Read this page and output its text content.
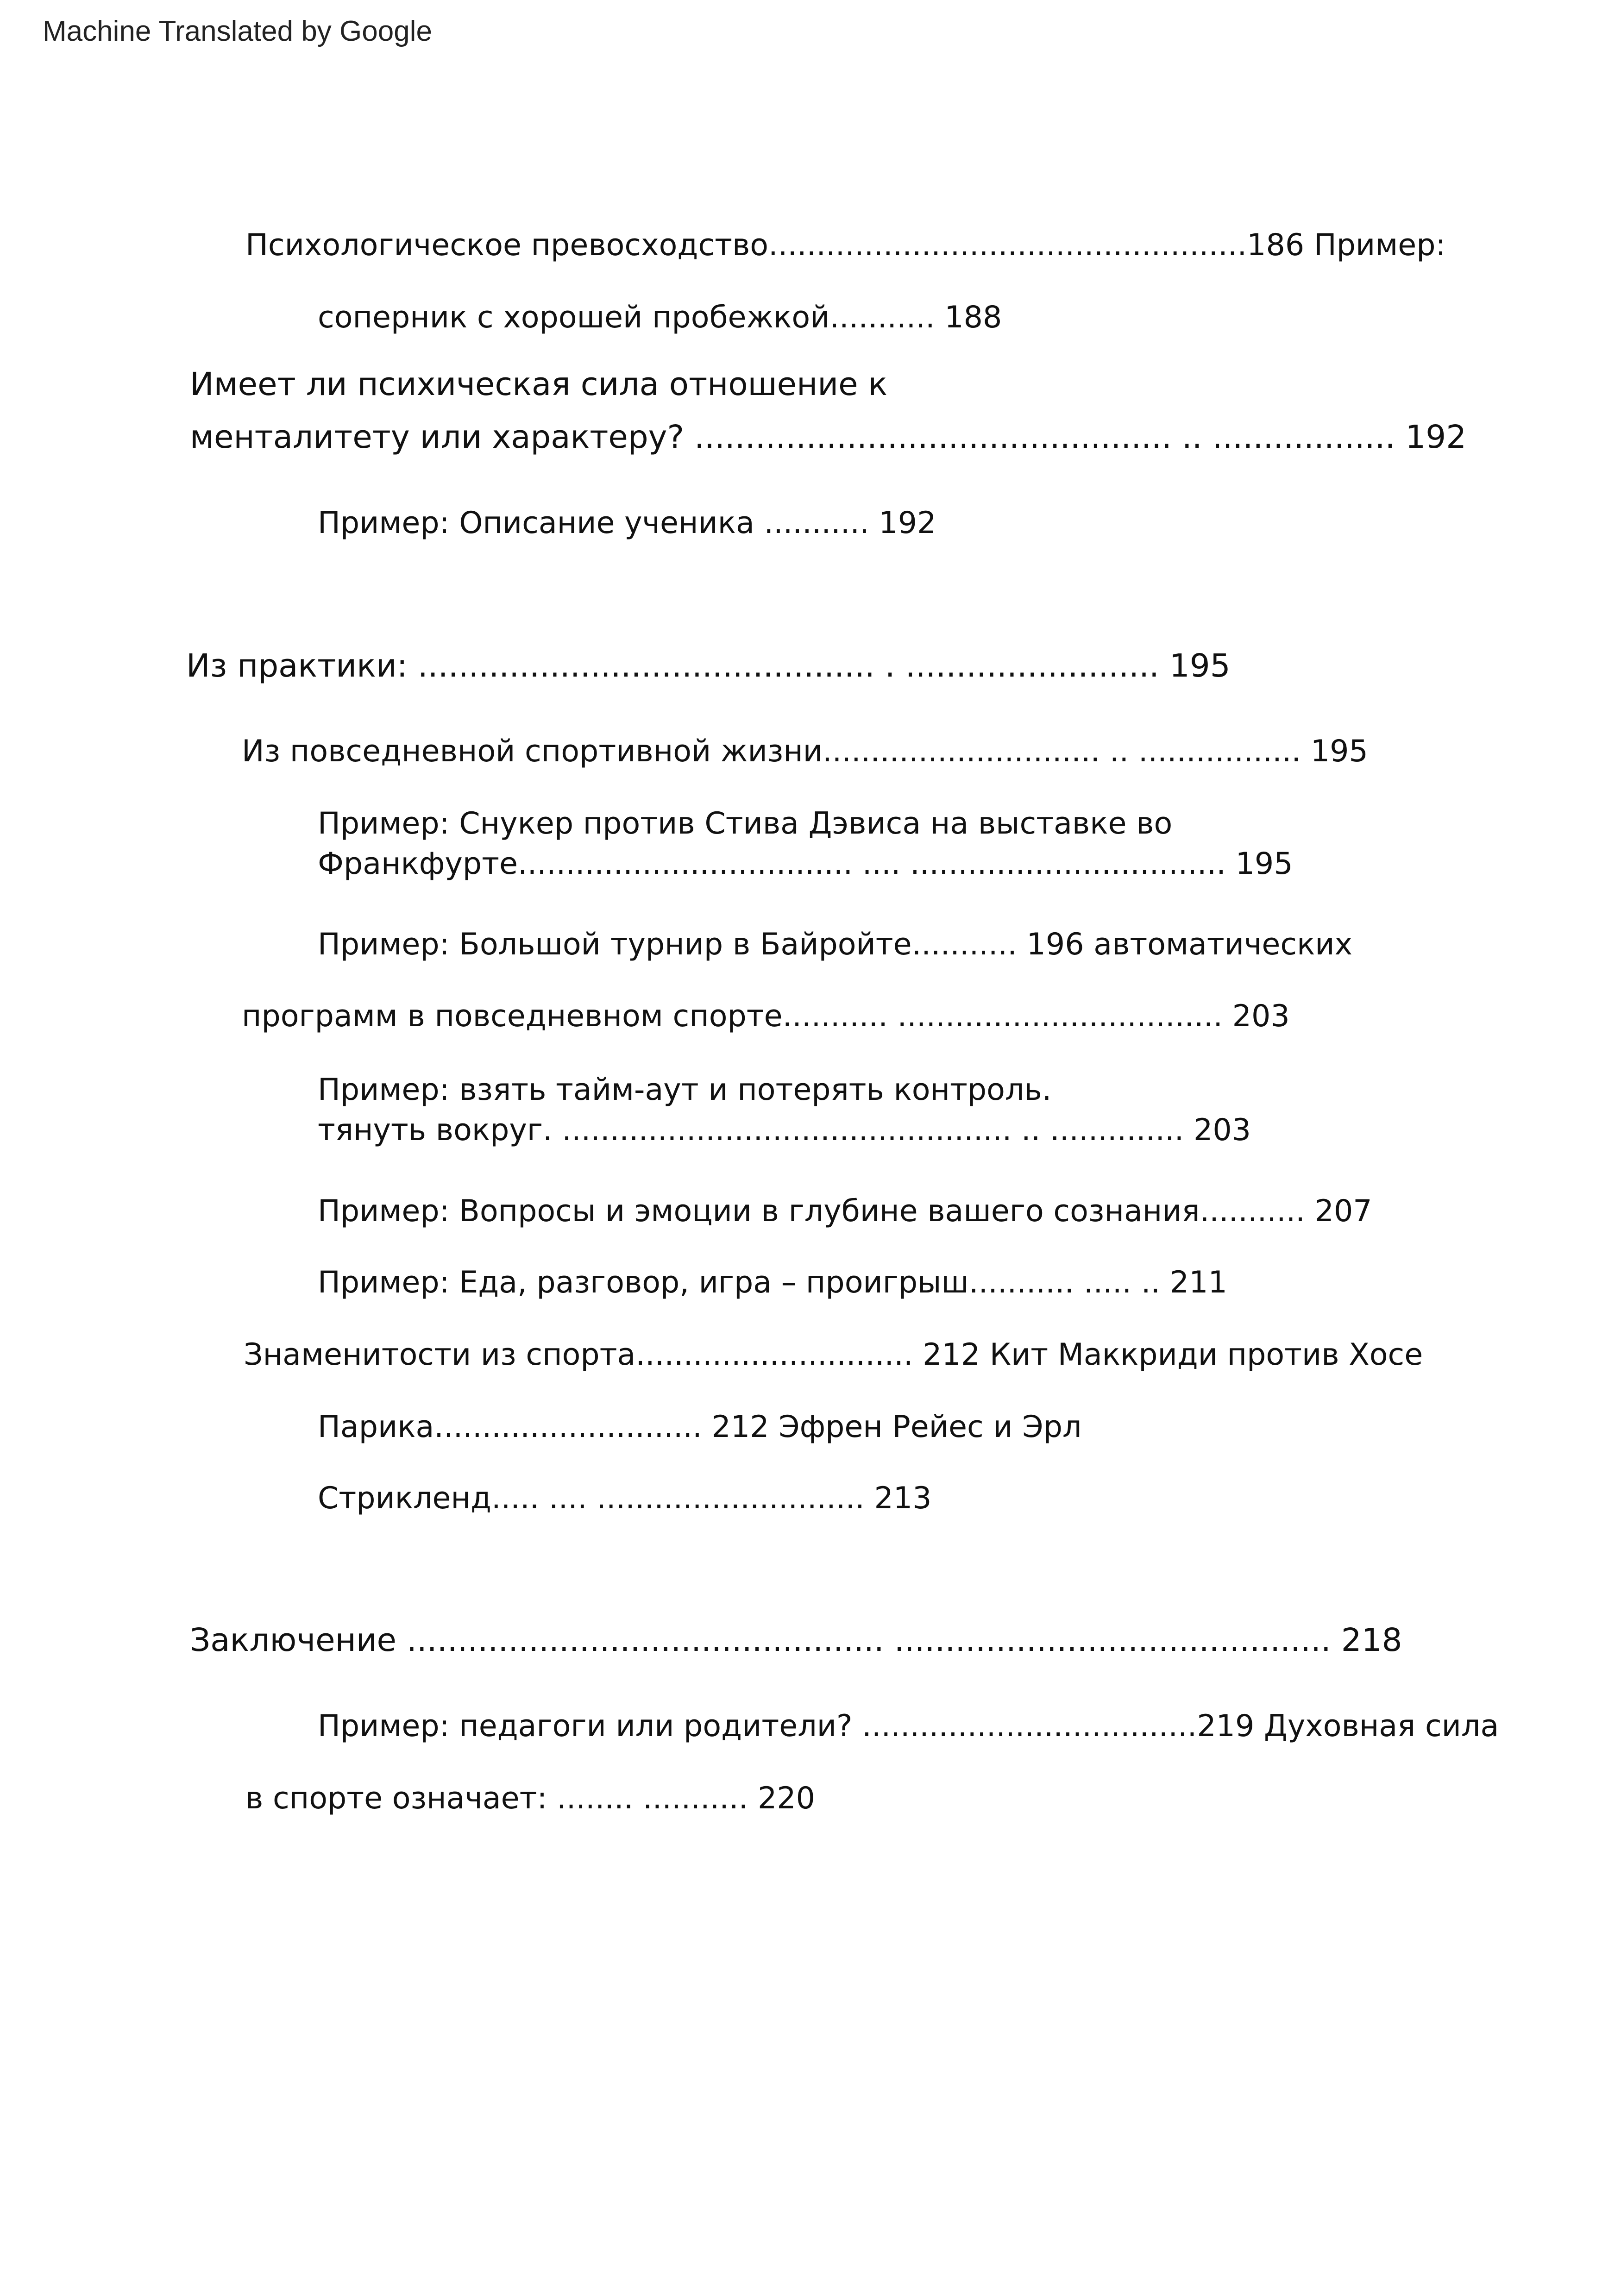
Machine Translated by Google
Психологическое превосходство..................................................186 Пример:
соперник с хорошей пробежкой........... 188
Имеет ли психическая сила отношение к
менталитету или характеру? ............................................... .. .................. 192
Пример: Описание ученика ........... 192
Из практики: ............................................. . ......................... 195
Из повседневной спортивной жизни............................. .. ................. 195
Пример: Снукер против Стива Дэвиса на выставке во
Франкфурте................................... .... ................................. 195
Пример: Большой турнир в Байройте........... 196 автоматических
программ в повседневном спорте........... .................................. 203
Пример: взять тайм-аут и потерять контроль.
тянуть вокруг. ............................................... .. .............. 203
Пример: Вопросы и эмоции в глубине вашего сознания........... 207
Пример: Еда, разговор, игра – проигрыш........... ..... .. 211
Знаменитости из спорта............................. 212 Кит Маккриди против Хосе
Парика............................ 212 Эфрен Рейес и Эрл
Стрикленд..... .... ............................ 213
Заключение ............................................... ........................................... 218
Пример: педагоги или родители? ...................................219 Духовная сила
в спорте означает: ........ ........... 220
